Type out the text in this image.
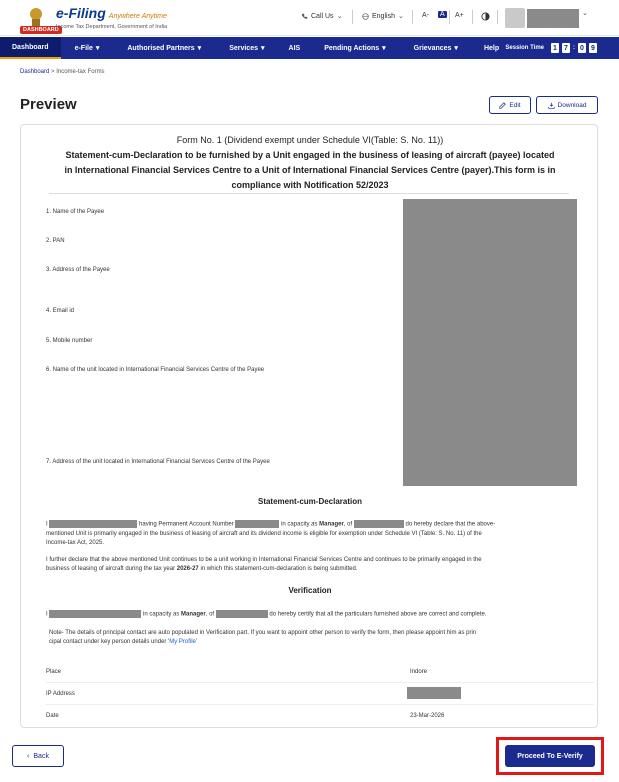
DASHBOARD
e-Filing Anywhere Anytime
Income Tax Department, Government of India
Call Us ⌄	English ⌄	A- A A+	⌄
Dashboard	e-File ▾	Authorised Partners ▾	Services ▾	AIS	Pending Actions ▾	Grievances ▾	Help Session Time 1 7 : 0 9
Dashboard > Income-tax Forms
Preview	Edit	Download
Form No. 1 (Dividend exempt under Schedule VI(Table: S. No. 11))
Statement-cum-Declaration to be furnished by a Unit engaged in the business of leasing of aircraft (payee) located
in International Financial Services Centre to a Unit of International Financial Services Centre (payer).This form is in
compliance with Notification 52/2023
1. Name of the Payee
2. PAN
3. Address of the Payee
4. Email id
5. Mobile number
6. Name of the unit located in International Financial Services Centre of the Payee
7. Address of the unit located in International Financial Services Centre of the Payee
Statement-cum-Declaration
I	having Permanent Account Number	in capacity as Manager, of	do hereby declare that the above-
mentioned Unit is primarily engaged in the business of leasing of aircraft and its dividend income is eligible for exemption under Schedule VI (Table: S. No. 11) of the
Income-tax Act, 2025.
I further declare that the above mentioned Unit continues to be a unit working in International Financial Services Centre and continues to be primarily engaged in the
business of leasing of aircraft during the tax year 2026-27 in which this statement-cum-declaration is being submitted.
Verification
I	in capacity as Manager, of	do hereby certify that all the particulars furnished above are correct and complete.
Note- The details of principal contact are auto populated in Verification part. If you want to appoint other person to verify the form, then please appoint him as prin
cipal contact under key person details under 'My Profile'
Place	Indore
IP Address
Date	23-Mar-2026
‹ Back	Proceed To E-Verify
